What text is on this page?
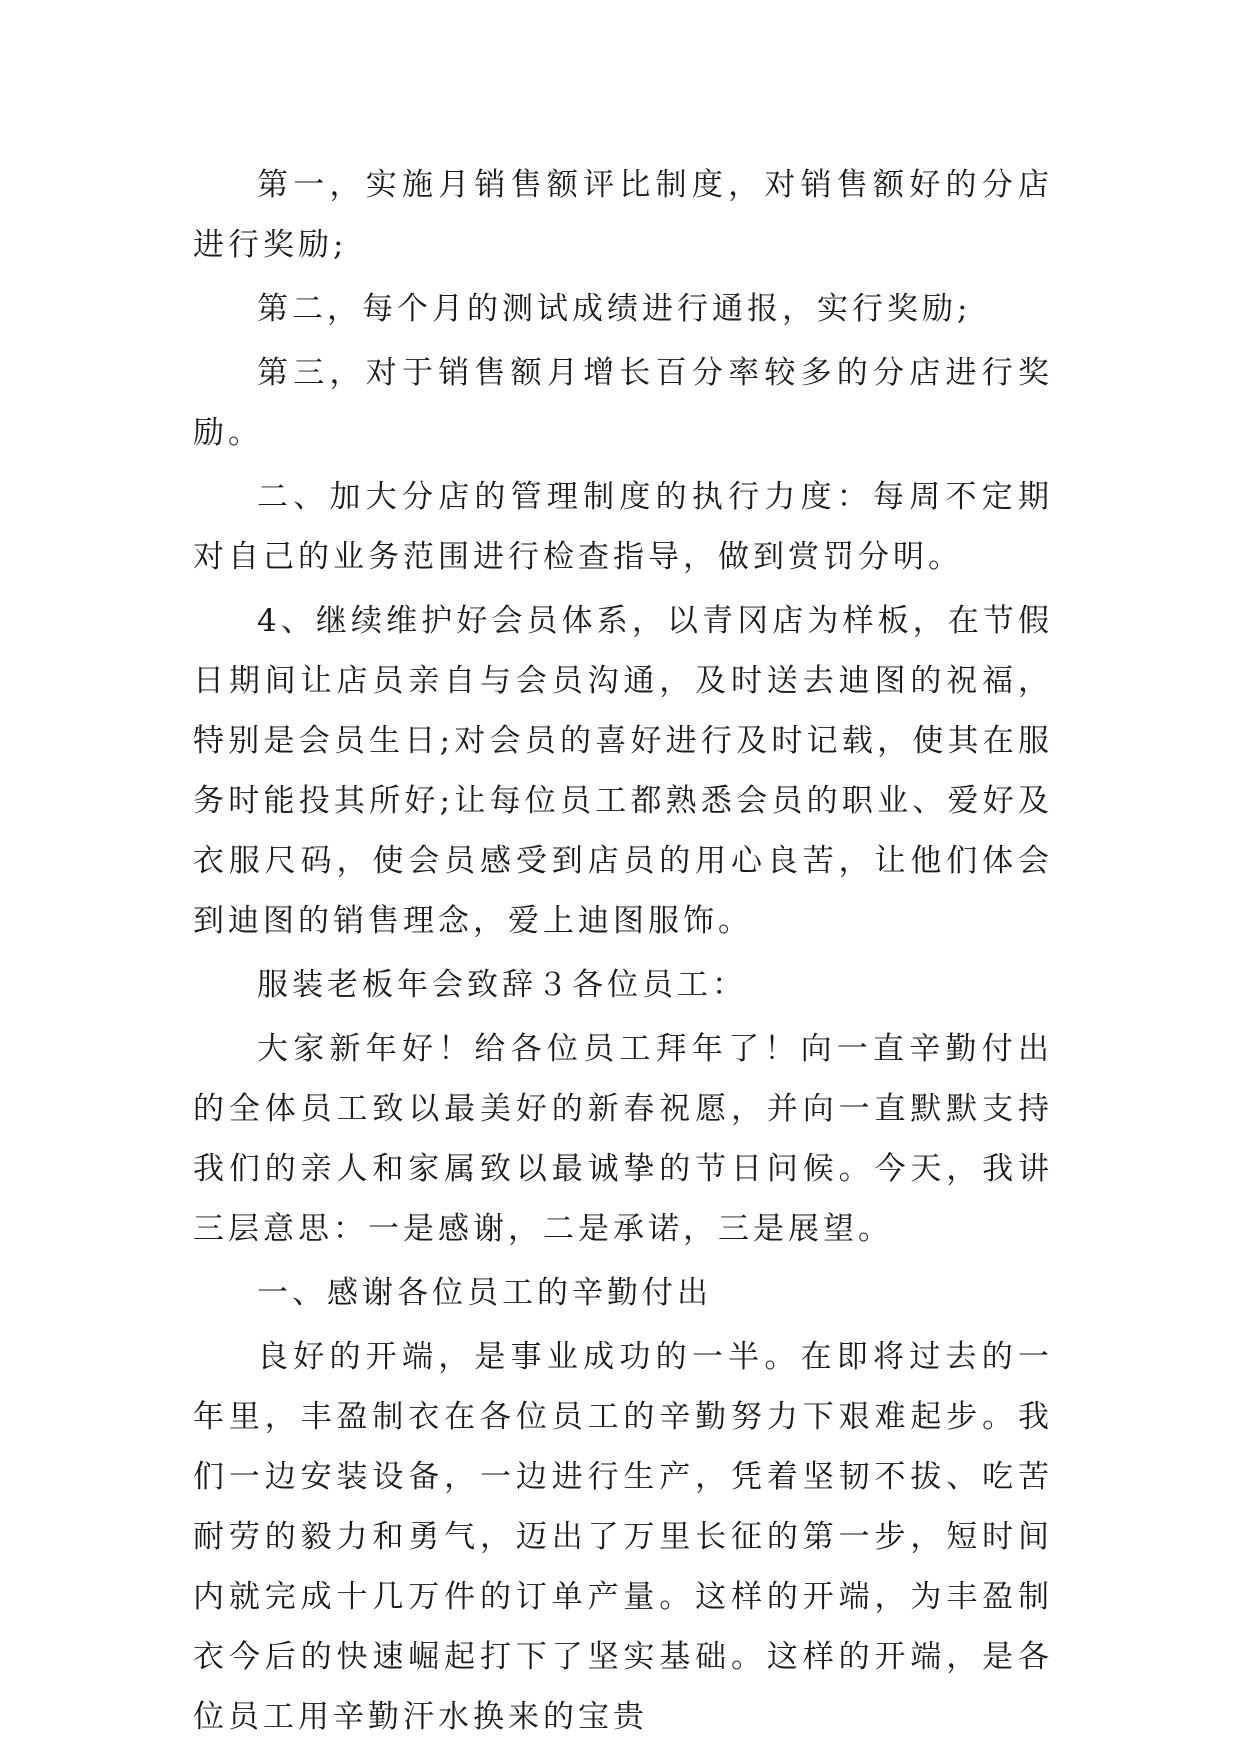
第一，实施月销售额评比制度，对销售额好的分店进行奖励;

第二，每个月的测试成绩进行通报，实行奖励;

第三，对于销售额月增长百分率较多的分店进行奖励。

二、加大分店的管理制度的执行力度：每周不定期对自己的业务范围进行检查指导，做到赏罚分明。

4、继续维护好会员体系，以青冈店为样板，在节假日期间让店员亲自与会员沟通，及时送去迪图的祝福，特别是会员生日;对会员的喜好进行及时记载，使其在服务时能投其所好;让每位员工都熟悉会员的职业、爱好及衣服尺码，使会员感受到店员的用心良苦，让他们体会到迪图的销售理念，爱上迪图服饰。

服装老板年会致辞３各位员工：

大家新年好！给各位员工拜年了！向一直辛勤付出的全体员工致以最美好的新春祝愿，并向一直默默支持我们的亲人和家属致以最诚挚的节日问候。今天，我讲三层意思：一是感谢，二是承诺，三是展望。

一、感谢各位员工的辛勤付出

良好的开端，是事业成功的一半。在即将过去的一年里，丰盈制衣在各位员工的辛勤努力下艰难起步。我们一边安装设备，一边进行生产，凭着坚韧不拔、吃苦耐劳的毅力和勇气，迈出了万里长征的第一步，短时间内就完成十几万件的订单产量。这样的开端，为丰盈制衣今后的快速崛起打下了坚实基础。这样的开端，是各位员工用辛勤汗水换来的宝贵
